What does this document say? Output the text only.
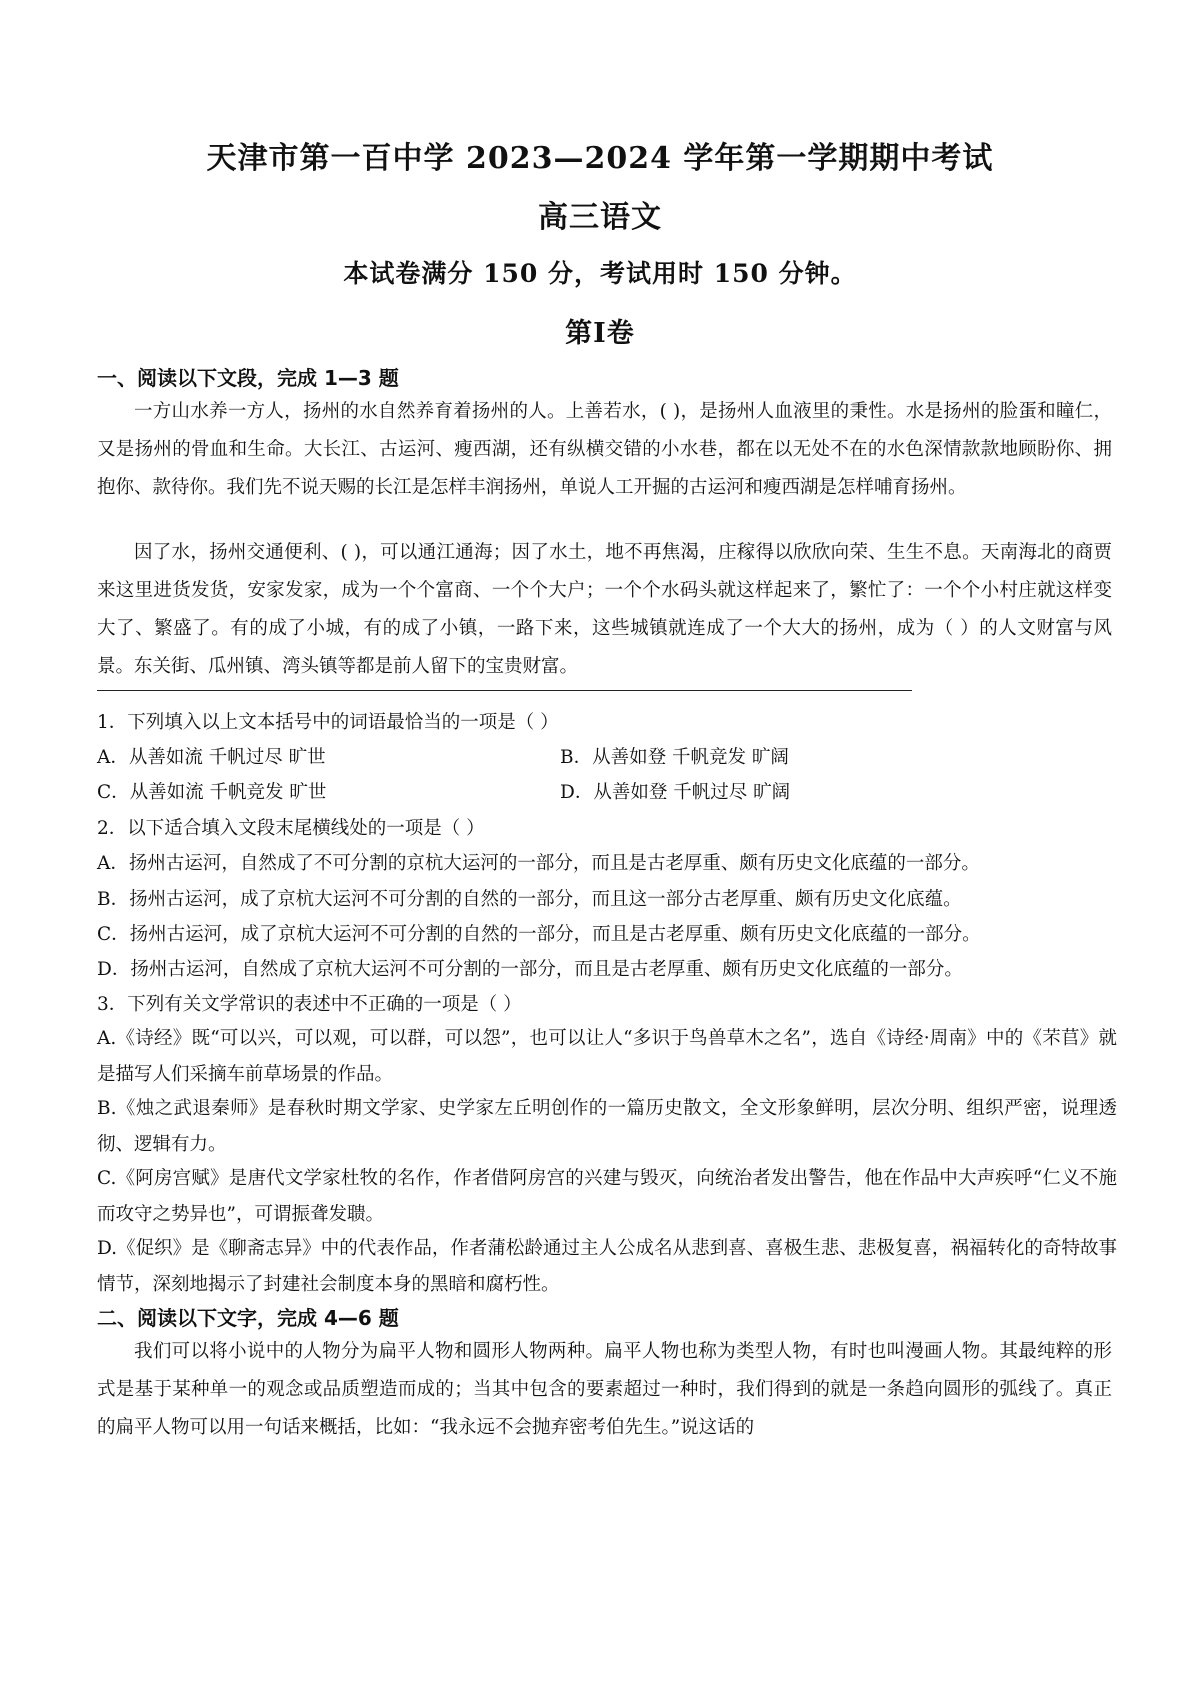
天津市第一百中学 2023—2024 学年第一学期期中考试
高三语文

本试卷满分 150 分，考试用时 150 分钟。

第Ⅰ卷
一、阅读以下文段，完成 1—3 题

一方山水养一方人，扬州的水自然养育着扬州的人。上善若水，( )，是扬州人血液里的秉性。水是扬州的脸蛋和瞳仁，又是扬州的骨血和生命。大长江、古运河、瘦西湖，还有纵横交错的小水巷，都在以无处不在的水色深情款款地顾盼你、拥抱你、款待你。我们先不说天赐的长江是怎样丰润扬州，单说人工开掘的古运河和瘦西湖是怎样哺育扬州。

因了水，扬州交通便利、( )，可以通江通海；因了水土，地不再焦渴，庄稼得以欣欣向荣、生生不息。天南海北的商贾来这里进货发货，安家发家，成为一个个富商、一个个大户；一个个水码头就这样起来了，繁忙了：一个个小村庄就这样变大了、繁盛了。有的成了小城，有的成了小镇，一路下来，这些城镇就连成了一个大大的扬州，成为（ ）的人文财富与风景。东关街、瓜州镇、湾头镇等都是前人留下的宝贵财富。

1．下列填入以上文本括号中的词语最恰当的一项是（ ）

A．从善如流 千帆过尽 旷世	B．从善如登 千帆竞发 旷阔

C．从善如流 千帆竞发 旷世	D．从善如登 千帆过尽 旷阔

2．以下适合填入文段末尾横线处的一项是（ ）

A．扬州古运河，自然成了不可分割的京杭大运河的一部分，而且是古老厚重、颇有历史文化底蕴的一部分。

B．扬州古运河，成了京杭大运河不可分割的自然的一部分，而且这一部分古老厚重、颇有历史文化底蕴。

C．扬州古运河，成了京杭大运河不可分割的自然的一部分，而且是古老厚重、颇有历史文化底蕴的一部分。

D．扬州古运河，自然成了京杭大运河不可分割的一部分，而且是古老厚重、颇有历史文化底蕴的一部分。

3．下列有关文学常识的表述中不正确的一项是（ ）

A.《诗经》既“可以兴，可以观，可以群，可以怨”，也可以让人“多识于鸟兽草木之名”，选自《诗经·周南》中的《芣苢》就是描写人们采摘车前草场景的作品。

B.《烛之武退秦师》是春秋时期文学家、史学家左丘明创作的一篇历史散文，全文形象鲜明，层次分明、组织严密，说理透彻、逻辑有力。

C.《阿房宫赋》是唐代文学家杜牧的名作，作者借阿房宫的兴建与毁灭，向统治者发出警告，他在作品中大声疾呼“仁义不施而攻守之势异也”，可谓振聋发聩。

D.《促织》是《聊斋志异》中的代表作品，作者蒲松龄通过主人公成名从悲到喜、喜极生悲、悲极复喜，祸福转化的奇特故事情节，深刻地揭示了封建社会制度本身的黑暗和腐朽性。

二、阅读以下文字，完成 4—6 题

我们可以将小说中的人物分为扁平人物和圆形人物两种。扁平人物也称为类型人物，有时也叫漫画人物。其最纯粹的形式是基于某种单一的观念或品质塑造而成的；当其中包含的要素超过一种时，我们得到的就是一条趋向圆形的弧线了。真正的扁平人物可以用一句话来概括，比如：“我永远不会抛弃密考伯先生。”说这话的
